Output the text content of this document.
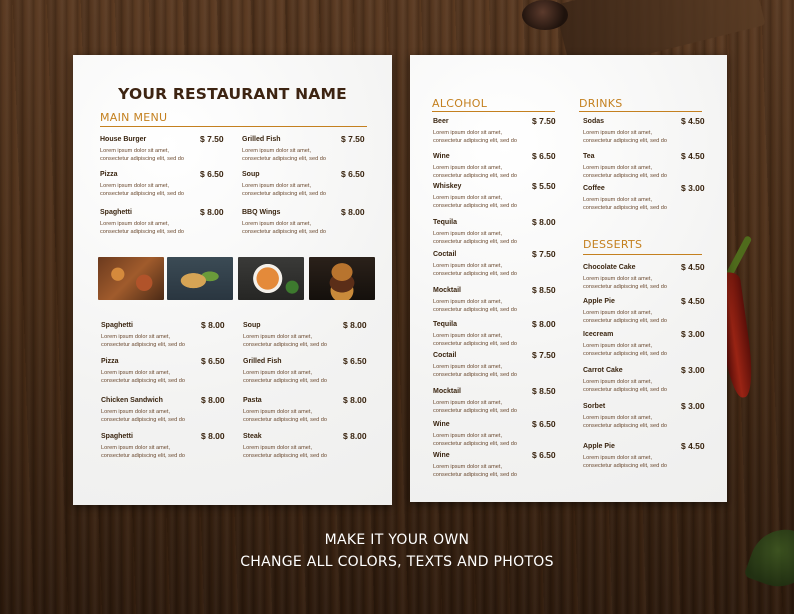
YOUR RESTAURANT NAME
MAIN MENU
House Burger	$ 7.50
Lorem ipsum dolor sit amet,
consectetur adipiscing elit, sed do
Pizza	$ 6.50
Lorem ipsum dolor sit amet,
consectetur adipiscing elit, sed do
Spaghetti	$ 8.00
Lorem ipsum dolor sit amet,
consectetur adipiscing elit, sed do
Grilled Fish	$ 7.50
Lorem ipsum dolor sit amet,
consectetur adipiscing elit, sed do
Soup	$ 6.50
Lorem ipsum dolor sit amet,
consectetur adipiscing elit, sed do
BBQ Wings	$ 8.00
Lorem ipsum dolor sit amet,
consectetur adipiscing elit, sed do
Spaghetti	$ 8.00
Lorem ipsum dolor sit amet,
consectetur adipiscing elit, sed do
Pizza	$ 6.50
Lorem ipsum dolor sit amet,
consectetur adipiscing elit, sed do
Chicken Sandwich	$ 8.00
Lorem ipsum dolor sit amet,
consectetur adipiscing elit, sed do
Spaghetti	$ 8.00
Lorem ipsum dolor sit amet,
consectetur adipiscing elit, sed do
Soup	$ 8.00
Lorem ipsum dolor sit amet,
consectetur adipiscing elit, sed do
Grilled Fish	$ 6.50
Lorem ipsum dolor sit amet,
consectetur adipiscing elit, sed do
Pasta	$ 8.00
Lorem ipsum dolor sit amet,
consectetur adipiscing elit, sed do
Steak	$ 8.00
Lorem ipsum dolor sit amet,
consectetur adipiscing elit, sed do
ALCOHOL	DRINKS
DESSERTS
Beer	$ 7.50
Lorem ipsum dolor sit amet,
consectetur adipiscing elit, sed do
Wine	$ 6.50
Lorem ipsum dolor sit amet,
consectetur adipiscing elit, sed do
Whiskey	$ 5.50
Lorem ipsum dolor sit amet,
consectetur adipiscing elit, sed do
Tequila	$ 8.00
Lorem ipsum dolor sit amet,
consectetur adipiscing elit, sed do
Coctail	$ 7.50
Lorem ipsum dolor sit amet,
consectetur adipiscing elit, sed do
Mocktail	$ 8.50
Lorem ipsum dolor sit amet,
consectetur adipiscing elit, sed do
Tequila	$ 8.00
Lorem ipsum dolor sit amet,
consectetur adipiscing elit, sed do
Coctail	$ 7.50
Lorem ipsum dolor sit amet,
consectetur adipiscing elit, sed do
Mocktail	$ 8.50
Lorem ipsum dolor sit amet,
consectetur adipiscing elit, sed do
Wine	$ 6.50
Lorem ipsum dolor sit amet,
consectetur adipiscing elit, sed do
Wine	$ 6.50
Lorem ipsum dolor sit amet,
consectetur adipiscing elit, sed do
Sodas	$ 4.50
Lorem ipsum dolor sit amet,
consectetur adipiscing elit, sed do
Tea	$ 4.50
Lorem ipsum dolor sit amet,
consectetur adipiscing elit, sed do
Coffee	$ 3.00
Lorem ipsum dolor sit amet,
consectetur adipiscing elit, sed do
Chocolate Cake	$ 4.50
Lorem ipsum dolor sit amet,
consectetur adipiscing elit, sed do
Apple Pie	$ 4.50
Lorem ipsum dolor sit amet,
consectetur adipiscing elit, sed do
Icecream	$ 3.00
Lorem ipsum dolor sit amet,
consectetur adipiscing elit, sed do
Carrot Cake	$ 3.00
Lorem ipsum dolor sit amet,
consectetur adipiscing elit, sed do
Sorbet	$ 3.00
Lorem ipsum dolor sit amet,
consectetur adipiscing elit, sed do
Apple Pie	$ 4.50
Lorem ipsum dolor sit amet,
consectetur adipiscing elit, sed do
MAKE IT YOUR OWN
CHANGE ALL COLORS, TEXTS AND PHOTOS
